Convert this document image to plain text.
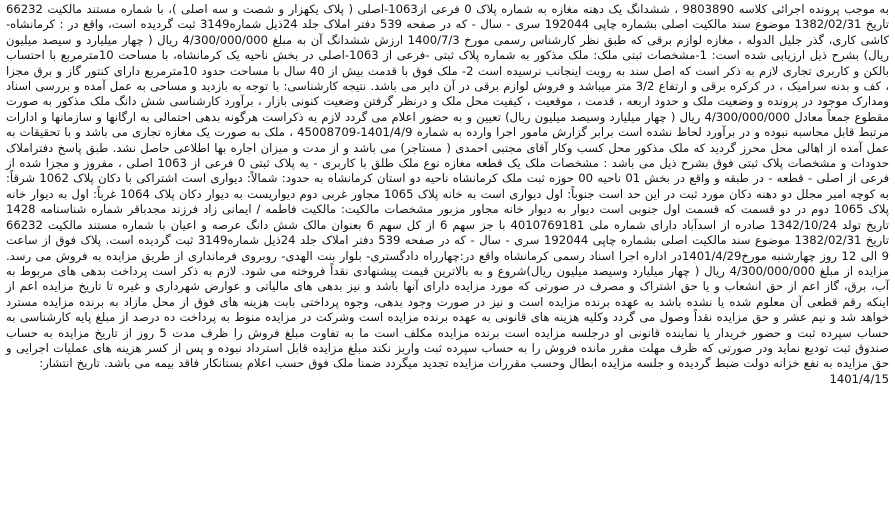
به موجب پرونده اجرائی کلاسه 9803890 ، ششدانگ یک دهنه مغازه به شماره پلاک 0 فرعی از1063-اصلی ( پلاک یکهزار و شصت و سه اصلی )، با شماره مستند مالکیت 66232 تاریخ 1382/02/31 موضوع سند مالکیت اصلی بشماره چاپی 192044 سری - سال - که در صفحه 539 دفتر املاک جلد 24ذیل شماره3149 ثبت گردیده است، واقع در : کرمانشاه- کاشی کاری، گذر جلیل الدوله ، مغازه لوازم برقی که طبق نظر کارشناس رسمی مورخ 1400/7/3 ارزش ششدانگ آن به مبلغ 4/300/000/000 ریال ( چهار میلیارد و سیصد میلیون ریال) بشرح ذیل ارزیابی شده است: 1-مشخصات ثبتی ملک: ملک مذکور به شماره پلاک ثبتی -فرعی از 1063-اصلی در بخش ناحیه یک کرمانشاه، با مساحت 10مترمربع با احتساب بالکن و کاربری تجاری لازم به ذکر است که اصل سند به رویت اینجانب نرسیده است 2- ملک فوق با قدمت بیش از 40 سال با مساحت حدود 10مترمربع دارای کنتور گاز و برق مجزا ، کف و بدنه سرامیک ، در کرکره برقی و ارتفاع 3/2 متر میباشد و فروش لوازم برقی در آن دایر می باشد. نتیجه کارشناسی: با توجه به بازدید و مساحی به عمل آمده و بررسی اسناد ومدارک موجود در پرونده و وضعیت ملک و حدود اربعه ، قدمت ، موقعیت ، کیفیت محل ملک و درنظر گرفتن وضعیت کنونی بازار ، برآورد کارشناسی شش دانگ ملک مذکور به صورت مقطوع جمعاً معادل 4/300/000/000 ریال ( چهار میلیارد وسیصد میلیون ریال) تعیین و به حضور اعلام می گردد لازم به ذکراست هرگونه بدهی احتمالی به ارگانها و سازمانها و ادارات مرتبط قابل محاسبه نبوده و در برآورد لحاظ نشده است برابر گزارش مامور اجرا وارده به شماره 1401/4/9-45008709 ، ملک به صورت یک مغازه تجاری می باشد و با تحقیقات به عمل آمده از اهالی محل محرز گردید که ملک مذکور محل کسب وکار آقای مجتبی احمدی ( مستاجر) می باشد و از مدت و میزان اجاره بها اطلاعی حاصل نشد. طبق پاسخ دفتراملاک حدودات و مشخصات پلاک ثبتی فوق بشرح ذیل می باشد : مشخصات ملک یک قطعه مغازه نوع ملک طلق با کاربری - به پلاک ثبتی 0 فرعی از 1063 اصلی ، مفروز و مجزا شده از فرعی از اصلی - قطعه - در طبقه و واقع در بخش 01 ناحیه 00 حوزه ثبت ملک کرمانشاه ناحیه دو استان کرمانشاه به حدود: شمالاً: دیواری است اشتراکی با دکان پلاک 1062 شرقاً: به کوچه امیر مجلل دو دهنه دکان مورد ثبت در این حد است جنوباً: اول دیواری است به خانه پلاک 1065 مجاور غربی دوم دیواریست به دیوار دکان پلاک 1064 غرباً: اول به دیوار خانه پلاک 1065 دوم در دو قسمت که قسمت اول جنوبی است دیوار به دیوار خانه مجاور مزبور مشخصات مالکیت: مالکیت فاطمه / ایمانی زاد فرزند مجدباقر شماره شناسنامه 1428 تاریخ تولد 1342/10/24 صادره از اسدآباد دارای شماره ملی 4010769181 با جز سهم 6 از کل سهم 6 بعنوان مالک شش دانگ عرصه و اعیان با شماره مستند مالکیت 66232 تاریخ 1382/02/31 موضوع سند مالکیت اصلی بشماره چاپی 192044 سری - سال - که در صفحه 539 دفتر املاک جلد 24ذیل شماره3149 ثبت گردیده است. پلاک فوق از ساعت 9 الی 12 روز چهارشنبه مورخ1401/4/29در اداره اجرا اسناد رسمی کرمانشاه واقع در:چهارراه دادگستری- بلوار بنت الهدی- روبروی فرمانداری از طریق مزایده به فروش می رسد. مزایده از مبلغ 4/300/000/000 ریال ( چهار میلیارد وسیصد میلیون ریال)شروع و به بالاترین قیمت پیشنهادی نقداً فروخته می شود. لازم به ذکر است پرداخت بدهی های مربوط به آب، برق، گاز اعم از حق انشعاب و یا حق اشتراک و مصرف در صورتی که مورد مزایده دارای آنها باشد و نیز بدهی های مالیاتی و عوارض شهرداری و غیره تا تاریخ مزایده اعم از اینکه رقم قطعی آن معلوم شده یا نشده باشد به عهده برنده مزایده است و نیز در صورت وجود بدهی، وجوه پرداختی بابت هزینه های فوق از محل مازاد به برنده مزایده مسترد خواهد شد و نیم عشر و حق مزایده نقداً وصول می گردد وکلیه هزینه های قانونی به عهده برنده مزایده است وشرکت در مزایده منوط به پرداخت ده درصد از مبلغ پایه کارشناسی به حساب سپرده ثبت و حضور خریدار یا نماینده قانونی او درجلسه مزایده است برنده مزایده مکلف است ما به تفاوت مبلغ فروش را ظرف مدت 5 روز از تاریخ مزایده به حساب صندوق ثبت تودیع نماید ودر صورتی که ظرف مهلت مقرر مانده فروش را به حساب سپرده ثبت واریز نکند مبلغ مزایده قابل استرداد نبوده و پس از کسر هزینه های عملیات اجرایی و حق مزایده به نفع خزانه دولت ضبط گردیده و جلسه مزایده ابطال وحسب مقررات مزایده تجدید میگردد ضمنا ملک فوق حسب اعلام بستانکار فاقد بیمه می باشد. تاریخ انتشار:

1401/4/15
